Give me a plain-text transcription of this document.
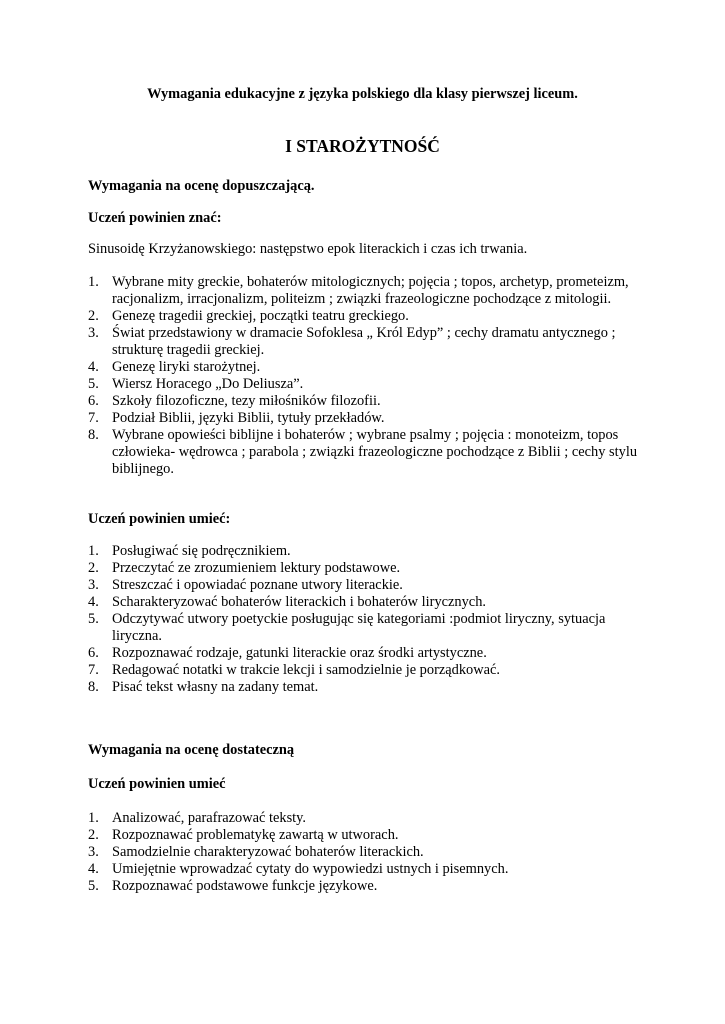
Wymagania edukacyjne z języka polskiego dla klasy pierwszej liceum.
I STAROŻYTNOŚĆ

Wymagania na ocenę dopuszczającą.

Uczeń powinien znać:

Sinusoidę Krzyżanowskiego: następstwo epok literackich i czas ich trwania.

1. Wybrane mity greckie, bohaterów mitologicznych; pojęcia ; topos, archetyp, prometeizm, racjonalizm, irracjonalizm, politeizm ; związki frazeologiczne pochodzące z mitologii.
2. Genezę tragedii greckiej, początki teatru greckiego.
3. Świat przedstawiony w dramacie Sofoklesa „ Król Edyp” ; cechy dramatu antycznego ; strukturę tragedii greckiej.
4. Genezę liryki starożytnej.
5. Wiersz Horacego „Do Deliusza”.
6. Szkoły filozoficzne, tezy miłośników filozofii.
7. Podział Biblii, języki Biblii, tytuły przekładów.
8. Wybrane opowieści biblijne i bohaterów ; wybrane psalmy ; pojęcia : monoteizm, topos człowieka- wędrowca ; parabola ; związki frazeologiczne pochodzące z Biblii ; cechy stylu biblijnego.

Uczeń powinien umieć:

1. Posługiwać się podręcznikiem.
2. Przeczytać ze zrozumieniem lektury podstawowe.
3. Streszczać i opowiadać poznane utwory literackie.
4. Scharakteryzować bohaterów literackich i bohaterów lirycznych.
5. Odczytywać utwory poetyckie posługując się kategoriami :podmiot liryczny, sytuacja liryczna.
6. Rozpoznawać rodzaje, gatunki literackie oraz środki artystyczne.
7. Redagować notatki w trakcie lekcji i samodzielnie je porządkować.
8. Pisać tekst własny na zadany temat.

Wymagania na ocenę dostateczną

Uczeń powinien umieć

1. Analizować, parafrazować teksty.
2. Rozpoznawać problematykę zawartą w utworach.
3. Samodzielnie charakteryzować bohaterów literackich.
4. Umiejętnie wprowadzać cytaty do wypowiedzi ustnych i pisemnych.
5. Rozpoznawać podstawowe funkcje językowe.
